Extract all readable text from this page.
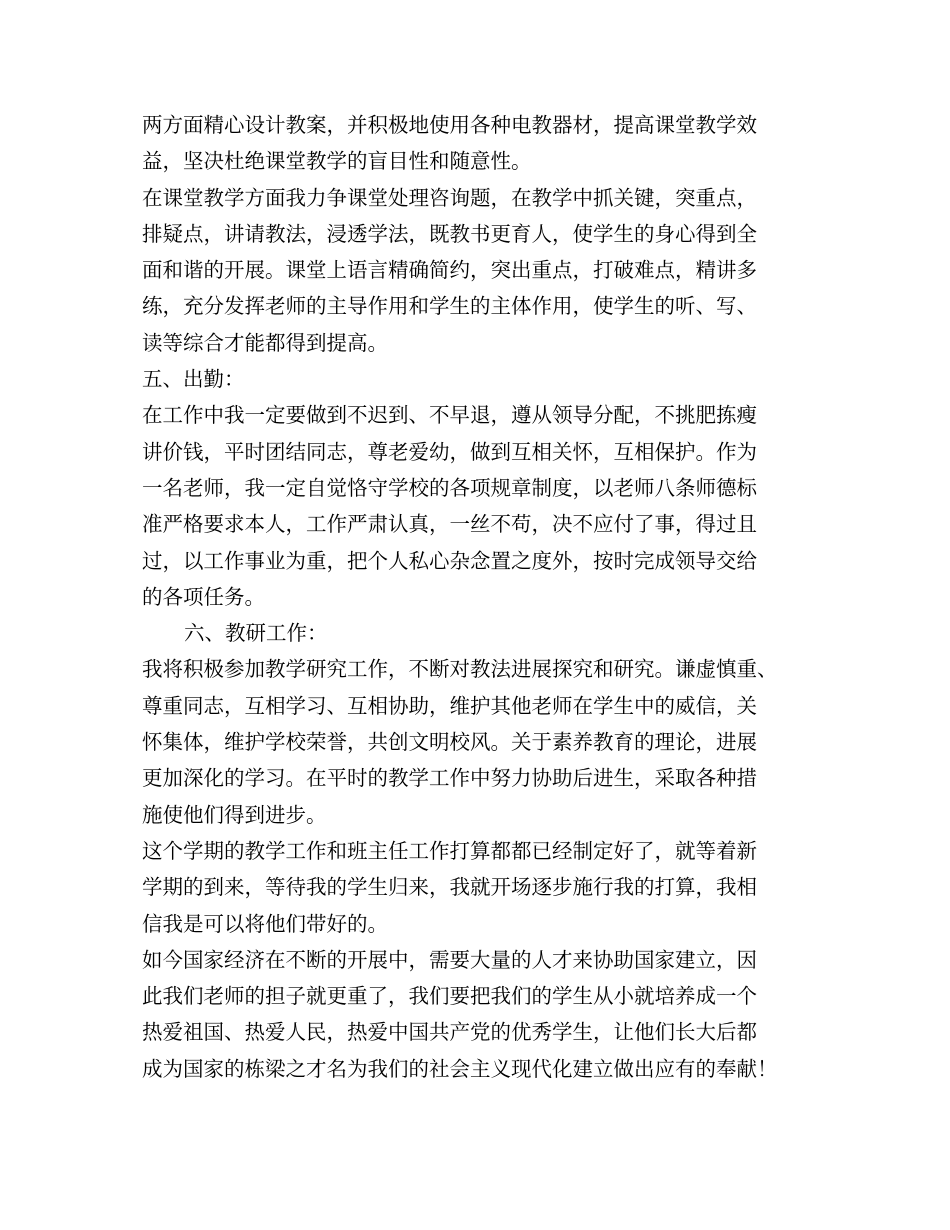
两方面精心设计教案，并积极地使用各种电教器材，提高课堂教学效
益，坚决杜绝课堂教学的盲目性和随意性。

在课堂教学方面我力争课堂处理咨询题，在教学中抓关键，突重点，
排疑点，讲请教法，浸透学法，既教书更育人，使学生的身心得到全
面和谐的开展。课堂上语言精确简约，突出重点，打破难点，精讲多
练，充分发挥老师的主导作用和学生的主体作用，使学生的听、写、
读等综合才能都得到提高。

五、出勤：

在工作中我一定要做到不迟到、不早退，遵从领导分配，不挑肥拣瘦
讲价钱，平时团结同志，尊老爱幼，做到互相关怀，互相保护。作为
一名老师，我一定自觉恪守学校的各项规章制度，以老师八条师德标
准严格要求本人，工作严肃认真，一丝不苟，决不应付了事，得过且
过，以工作事业为重，把个人私心杂念置之度外，按时完成领导交给
的各项任务。

六、教研工作：

我将积极参加教学研究工作，不断对教法进展探究和研究。谦虚慎重、
尊重同志，互相学习、互相协助，维护其他老师在学生中的威信，关
怀集体，维护学校荣誉，共创文明校风。关于素养教育的理论，进展
更加深化的学习。在平时的教学工作中努力协助后进生，采取各种措
施使他们得到进步。

这个学期的教学工作和班主任工作打算都都已经制定好了，就等着新
学期的到来，等待我的学生归来，我就开场逐步施行我的打算，我相
信我是可以将他们带好的。

如今国家经济在不断的开展中，需要大量的人才来协助国家建立，因
此我们老师的担子就更重了，我们要把我们的学生从小就培养成一个
热爱祖国、热爱人民，热爱中国共产党的优秀学生，让他们长大后都
成为国家的栋梁之才名为我们的社会主义现代化建立做出应有的奉献！
